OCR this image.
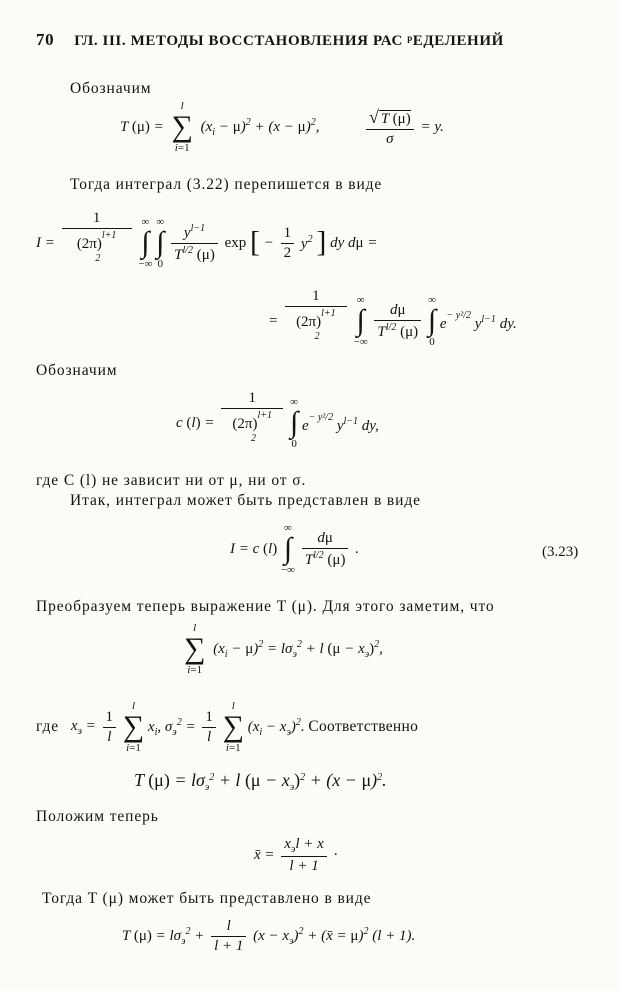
70 ГЛ. III. МЕТОДЫ ВОССТАНОВЛЕНИЯ РАС ᵖЕДЕЛЕНИЙ
Обозначим
T (μ) =
l
∑
i=1
$(x_i - \mu)^2 + (x - \mu)^2$,	$\frac{√ T (\mu)}{\sigma} = y$.
Тогда интеграл (3.22) перепишется в виде
I =
1
$(2\pi)^{l+1 2}$

∞
∫
−∞

∞
∫
0

$\frac{y^{l-1}}{T^{l/2} (\mu)}$ exp [ − $\frac{1}{2} y^2$ ] dy dμ =
=
1
$(2\pi)^{l+1 2}$

∞
∫
−∞

$\frac{d\mu}{T^{l/2} (\mu)}$

∞
∫
0
$e^{- y^2/2}$ $y^{l-1}$ dy.
Обозначим
c (l) =
1
$(2\pi)^{l+1 2}$

∞
∫
0
$e^{- y^2/2}$ $y^{l-1}$ dy,
где C (l) не зависит ни от μ, ни от σ.
Итак, интеграл может быть представлен в виде
I = c (l)
∞
∫
−∞

$\frac{d\mu}{T^{l/2} (\mu)}$ .	(3.23)
Преобразуем теперь выражение T (μ). Для этого заметим, что
l
∑
i=1
$(x_i - \mu)^2 = l\sigma_э^2 + l$ $(\mu - x_э)^2$,
где $x_э = \frac{1}{l}$

l
∑
i=1
$x_i$, $\sigma_э^2 = \frac{1}{l}$

l
∑
i=1
$(x_i - x_э)^2$. Соответственно
T $(\mu) = l\sigma_э^2 + l$ $(\mu - x_э)^2 + (x - \mu)^2$.
Положим теперь
x̄ = $\frac{x_эl + x}{l + 1}$ ·
Тогда T (μ) может быть представлено в виде
T $(\mu) = l\sigma_э^2 + \frac{l}{l + 1} (x - x_э)^2$ + (x̄ = μ)$^2$ (l + 1).
